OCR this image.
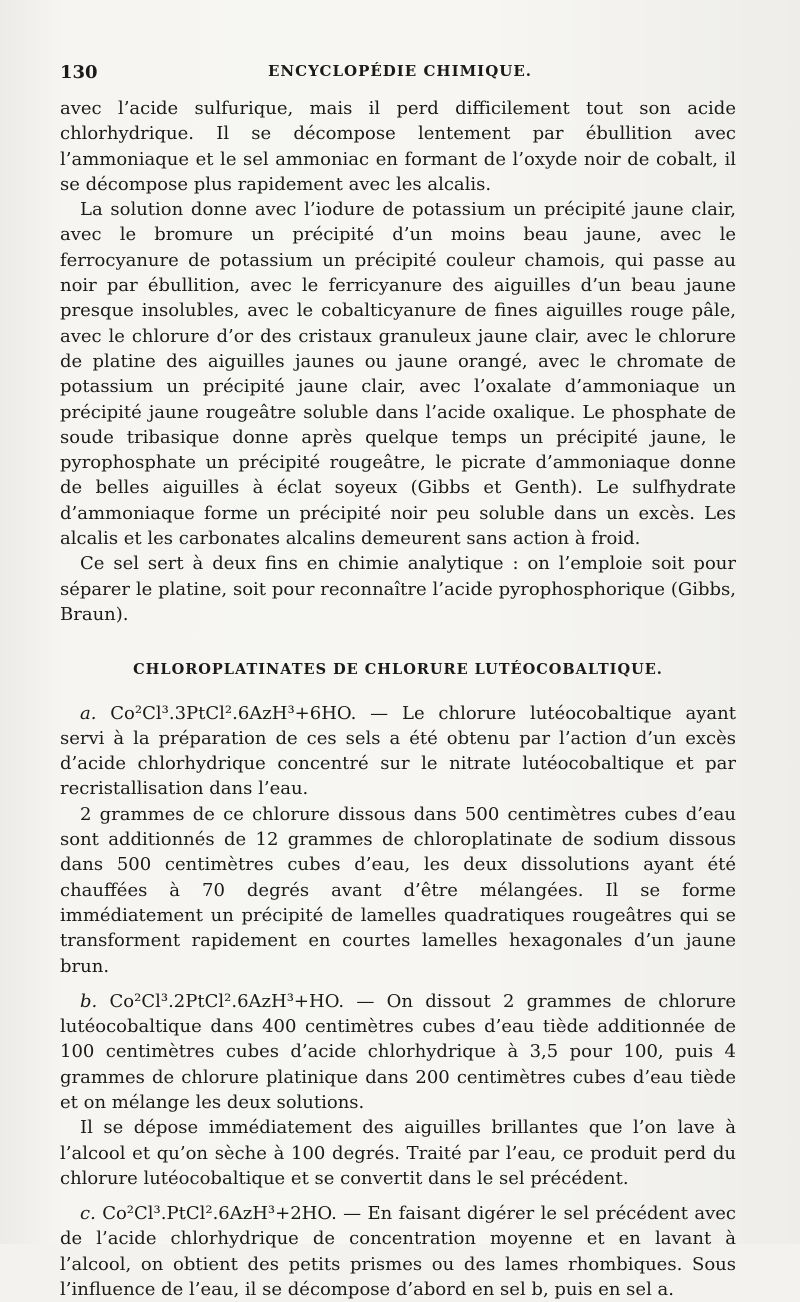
130	ENCYCLOPÉDIE CHIMIQUE.

avec l’acide sulfurique, mais il perd difficilement tout son acide chlorhydrique. Il se décompose lentement par ébullition avec l’ammoniaque et le sel ammoniac en formant de l’oxyde noir de cobalt, il se décompose plus rapidement avec les alcalis.

La solution donne avec l’iodure de potassium un précipité jaune clair, avec le bromure un précipité d’un moins beau jaune, avec le ferrocyanure de potassium un précipité couleur chamois, qui passe au noir par ébullition, avec le ferricyanure des aiguilles d’un beau jaune presque insolubles, avec le cobalticyanure de fines aiguilles rouge pâle, avec le chlorure d’or des cristaux granuleux jaune clair, avec le chlorure de platine des aiguilles jaunes ou jaune orangé, avec le chromate de potassium un précipité jaune clair, avec l’oxalate d’ammoniaque un précipité jaune rougeâtre soluble dans l’acide oxalique. Le phosphate de soude tribasique donne après quelque temps un précipité jaune, le pyrophosphate un précipité rougeâtre, le picrate d’ammoniaque donne de belles aiguilles à éclat soyeux (Gibbs et Genth). Le sulfhydrate d’ammoniaque forme un précipité noir peu soluble dans un excès. Les alcalis et les carbonates alcalins demeurent sans action à froid.

Ce sel sert à deux fins en chimie analytique : on l’emploie soit pour séparer le platine, soit pour reconnaître l’acide pyrophosphorique (Gibbs, Braun).

CHLOROPLATINATES DE CHLORURE LUTÉOCOBALTIQUE.

a. Co²Cl³.3PtCl².6AzH³+6HO. — Le chlorure lutéocobaltique ayant servi à la préparation de ces sels a été obtenu par l’action d’un excès d’acide chlorhydrique concentré sur le nitrate lutéocobaltique et par recristallisation dans l’eau.

2 grammes de ce chlorure dissous dans 500 centimètres cubes d’eau sont additionnés de 12 grammes de chloroplatinate de sodium dissous dans 500 centimètres cubes d’eau, les deux dissolutions ayant été chauffées à 70 degrés avant d’être mélangées. Il se forme immédiatement un précipité de lamelles quadratiques rougeâtres qui se transforment rapidement en courtes lamelles hexagonales d’un jaune brun.

b. Co²Cl³.2PtCl².6AzH³+HO. — On dissout 2 grammes de chlorure lutéocobaltique dans 400 centimètres cubes d’eau tiède additionnée de 100 centimètres cubes d’acide chlorhydrique à 3,5 pour 100, puis 4 grammes de chlorure platinique dans 200 centimètres cubes d’eau tiède et on mélange les deux solutions.

Il se dépose immédiatement des aiguilles brillantes que l’on lave à l’alcool et qu’on sèche à 100 degrés. Traité par l’eau, ce produit perd du chlorure lutéocobaltique et se convertit dans le sel précédent.

c. Co²Cl³.PtCl².6AzH³+2HO. — En faisant digérer le sel précédent avec de l’acide chlorhydrique de concentration moyenne et en lavant à l’alcool, on obtient des petits prismes ou des lames rhombiques. Sous l’influence de l’eau, il se décompose d’abord en sel b, puis en sel a.
